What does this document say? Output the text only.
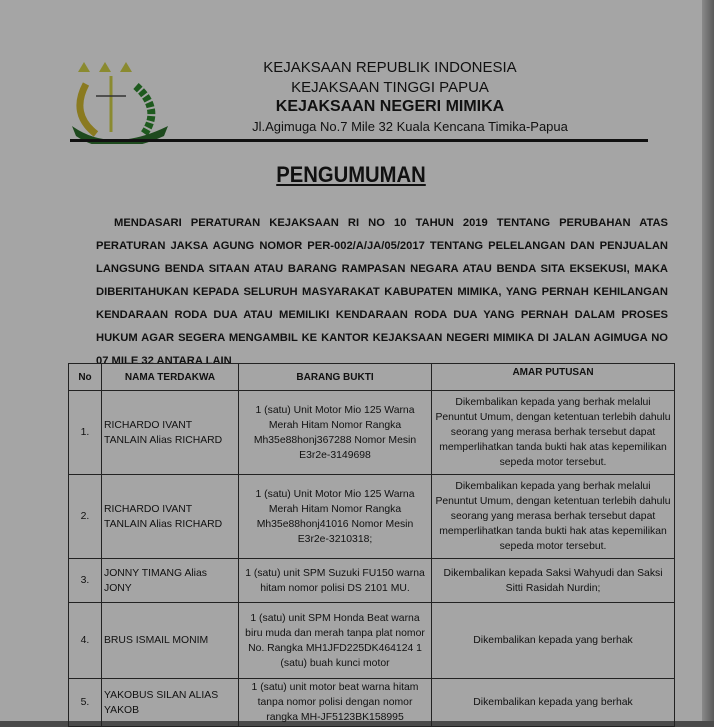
KEJAKSAAN REPUBLIK INDONESIA
KEJAKSAAN TINGGI PAPUA
KEJAKSAAN NEGERI MIMIKA
Jl.Agimuga No.7 Mile 32 Kuala Kencana Timika-Papua
PENGUMUMAN
MENDASARI PERATURAN KEJAKSAAN RI NO 10 TAHUN 2019 TENTANG PERUBAHAN ATAS PERATURAN JAKSA AGUNG NOMOR PER-002/A/JA/05/2017 TENTANG PELELANGAN DAN PENJUALAN LANGSUNG BENDA SITAAN ATAU BARANG RAMPASAN NEGARA ATAU BENDA SITA EKSEKUSI, MAKA DIBERITAHUKAN KEPADA SELURUH MASYARAKAT KABUPATEN MIMIKA, YANG PERNAH KEHILANGAN KENDARAAN RODA DUA ATAU MEMILIKI KENDARAAN RODA DUA YANG PERNAH DALAM PROSES HUKUM AGAR SEGERA MENGAMBIL KE KANTOR KEJAKSAAN NEGERI MIMIKA DI JALAN AGIMUGA NO 07 MILE 32 ANTARA LAIN
No	NAMA TERDAKWA	BARANG BUKTI	AMAR PUTUSAN
1.	RICHARDO IVANT TANLAIN Alias RICHARD	1 (satu) Unit Motor Mio 125 Warna Merah Hitam Nomor Rangka Mh35e88honj367288 Nomor Mesin E3r2e-3149698	Dikembalikan kepada yang berhak melalui Penuntut Umum, dengan ketentuan terlebih dahulu seorang yang merasa berhak tersebut dapat memperlihatkan tanda bukti hak atas kepemilikan sepeda motor tersebut.
2.	RICHARDO IVANT TANLAIN Alias RICHARD	1 (satu) Unit Motor Mio 125 Warna Merah Hitam Nomor Rangka Mh35e88honj41016 Nomor Mesin E3r2e-3210318;	Dikembalikan kepada yang berhak melalui Penuntut Umum, dengan ketentuan terlebih dahulu seorang yang merasa berhak tersebut dapat memperlihatkan tanda bukti hak atas kepemilikan sepeda motor tersebut.
3.	JONNY TIMANG Alias JONY	1 (satu) unit SPM Suzuki FU150 warna hitam nomor polisi DS 2101 MU.	Dikembalikan kepada Saksi Wahyudi dan Saksi Sitti Rasidah Nurdin;
4.	BRUS ISMAIL MONIM	1 (satu) unit SPM Honda Beat warna biru muda dan merah tanpa plat nomor No. Rangka MH1JFD225DK464124 1 (satu) buah kunci motor	Dikembalikan kepada yang berhak
5.	YAKOBUS SILAN ALIAS YAKOB	1 (satu) unit motor beat warna hitam tanpa nomor polisi dengan nomor rangka MH-JF5123BK158995	Dikembalikan kepada yang berhak
